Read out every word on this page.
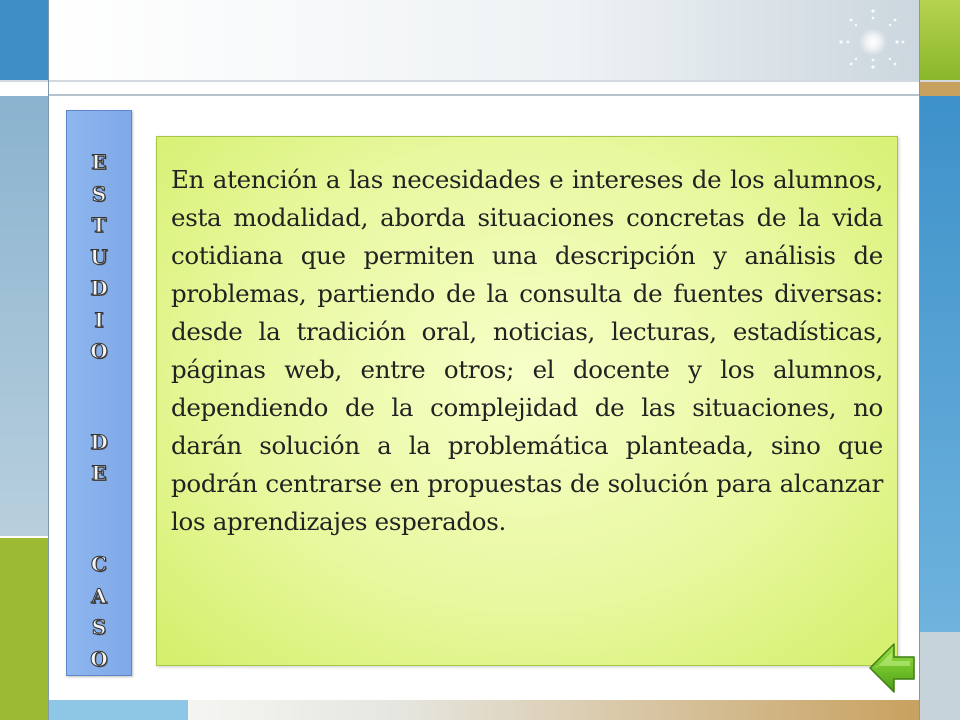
E
S
T
U
D
I
O
D
E
C
A
S
O

En atención a las necesidades e intereses de los alumnos, esta modalidad, aborda situaciones concretas de la vida cotidiana que permiten una descripción y análisis de problemas, partiendo de la consulta de fuentes diversas: desde la tradición oral, noticias, lecturas, estadísticas, páginas web, entre otros; el docente y los alumnos, dependiendo de la complejidad de las situaciones, no darán solución a la problemática planteada, sino que podrán centrarse en propuestas de solución para alcanzar los aprendizajes esperados.
